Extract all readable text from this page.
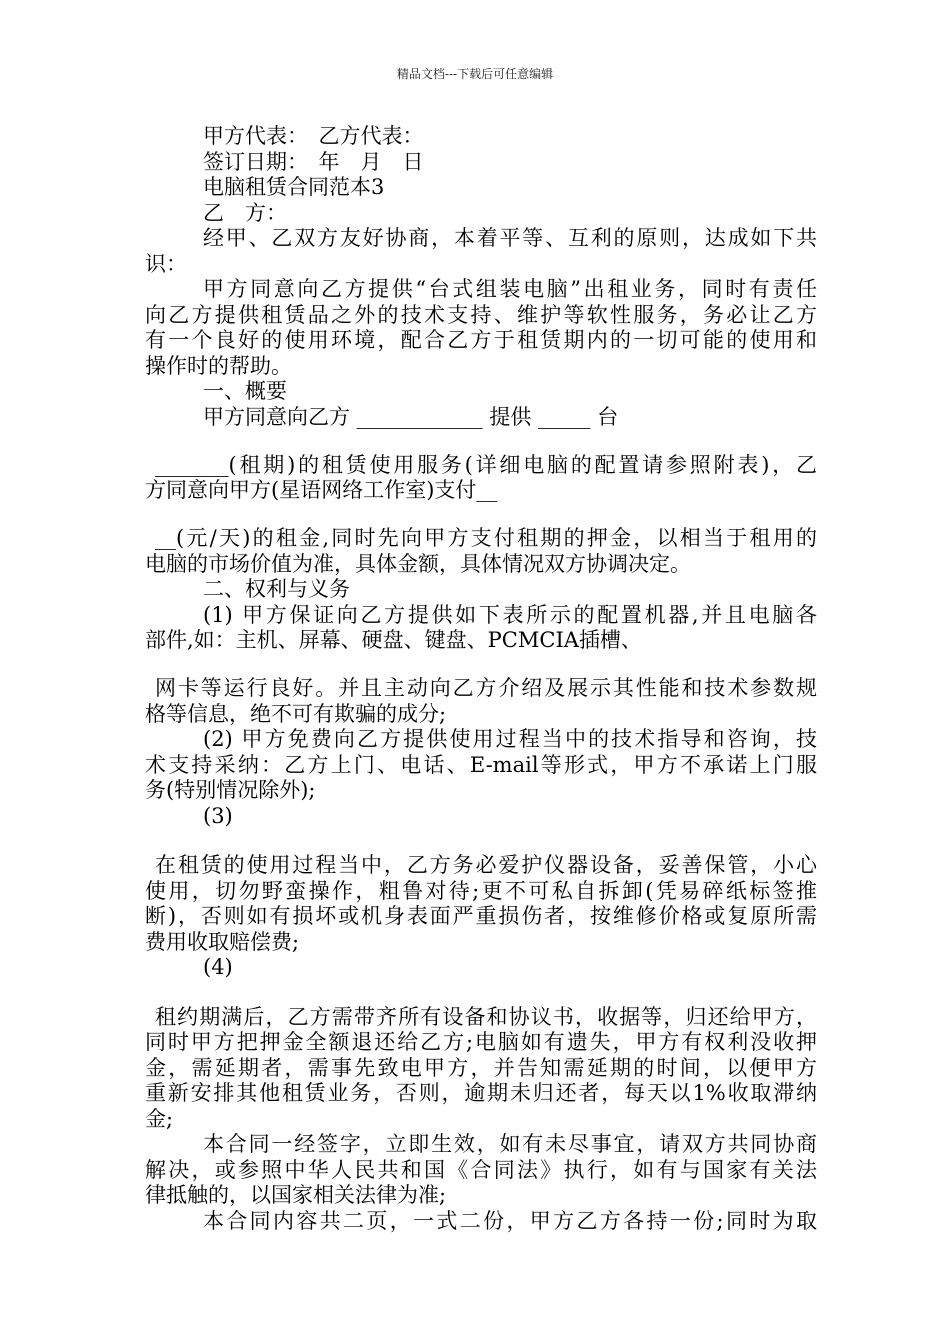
精品文档---下载后可任意编辑
甲方代表：　乙方代表：
签订日期：　年　月　日
电脑租赁合同范本3
乙　方：
经甲、乙双方友好协商，本着平等、互利的原则，达成如下共
识：
甲方同意向乙方提供“台式组装电脑”出租业务，同时有责任
向乙方提供租赁品之外的技术支持、维护等软性服务，务必让乙方
有一个良好的使用环境，配合乙方于租赁期内的一切可能的使用和
操作时的帮助。
一、概要
甲方同意向乙方 ____________ 提供 _____ 台
_______(租期)的租赁使用服务(详细电脑的配置请参照附表)，乙
方同意向甲方(星语网络工作室)支付__
__(元/天)的租金,同时先向甲方支付租期的押金，以相当于租用的
电脑的市场价值为准，具体金额，具体情况双方协调决定。
二、权利与义务
(1) 甲方保证向乙方提供如下表所示的配置机器,并且电脑各
部件,如：主机、屏幕、硬盘、键盘、PCMCIA插槽、
网卡等运行良好。并且主动向乙方介绍及展示其性能和技术参数规
格等信息，绝不可有欺骗的成分;
(2) 甲方免费向乙方提供使用过程当中的技术指导和咨询，技
术支持采纳：乙方上门、电话、E-mail等形式，甲方不承诺上门服
务(特别情况除外);
(3)
在租赁的使用过程当中，乙方务必爱护仪器设备，妥善保管，小心
使用，切勿野蛮操作，粗鲁对待;更不可私自拆卸(凭易碎纸标签推
断)，否则如有损坏或机身表面严重损伤者，按维修价格或复原所需
费用收取赔偿费;
(4)
租约期满后，乙方需带齐所有设备和协议书，收据等，归还给甲方，
同时甲方把押金全额退还给乙方;电脑如有遗失，甲方有权利没收押
金，需延期者，需事先致电甲方，并告知需延期的时间，以便甲方
重新安排其他租赁业务，否则，逾期未归还者，每天以1%收取滞纳
金;
本合同一经签字，立即生效，如有未尽事宜，请双方共同协商
解决，或参照中华人民共和国《合同法》执行，如有与国家有关法
律抵触的，以国家相关法律为准;
本合同内容共二页，一式二份，甲方乙方各持一份;同时为取
